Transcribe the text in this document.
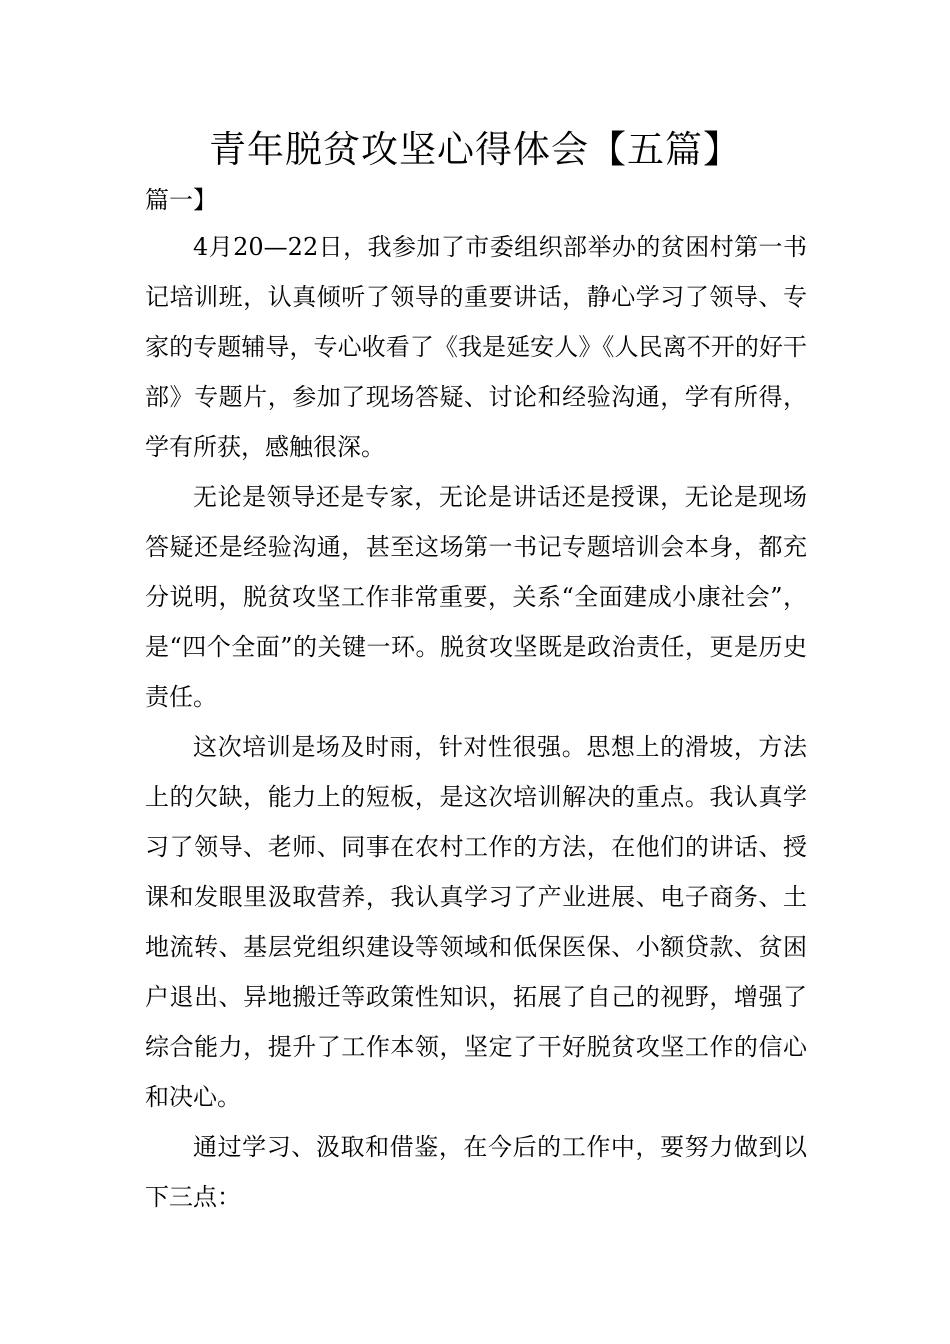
青年脱贫攻坚心得体会【五篇】

篇一】

4月20—22日，我参加了市委组织部举办的贫困村第一书记培训班，认真倾听了领导的重要讲话，静心学习了领导、专家的专题辅导，专心收看了《我是延安人》《人民离不开的好干部》专题片，参加了现场答疑、讨论和经验沟通，学有所得，学有所获，感触很深。

无论是领导还是专家，无论是讲话还是授课，无论是现场答疑还是经验沟通，甚至这场第一书记专题培训会本身，都充分说明，脱贫攻坚工作非常重要，关系“全面建成小康社会”，是“四个全面”的关键一环。脱贫攻坚既是政治责任，更是历史责任。

这次培训是场及时雨，针对性很强。思想上的滑坡，方法上的欠缺，能力上的短板，是这次培训解决的重点。我认真学习了领导、老师、同事在农村工作的方法，在他们的讲话、授课和发眼里汲取营养，我认真学习了产业进展、电子商务、土地流转、基层党组织建设等领域和低保医保、小额贷款、贫困户退出、异地搬迁等政策性知识，拓展了自己的视野，增强了综合能力，提升了工作本领，坚定了干好脱贫攻坚工作的信心和决心。

通过学习、汲取和借鉴，在今后的工作中，要努力做到以下三点：
